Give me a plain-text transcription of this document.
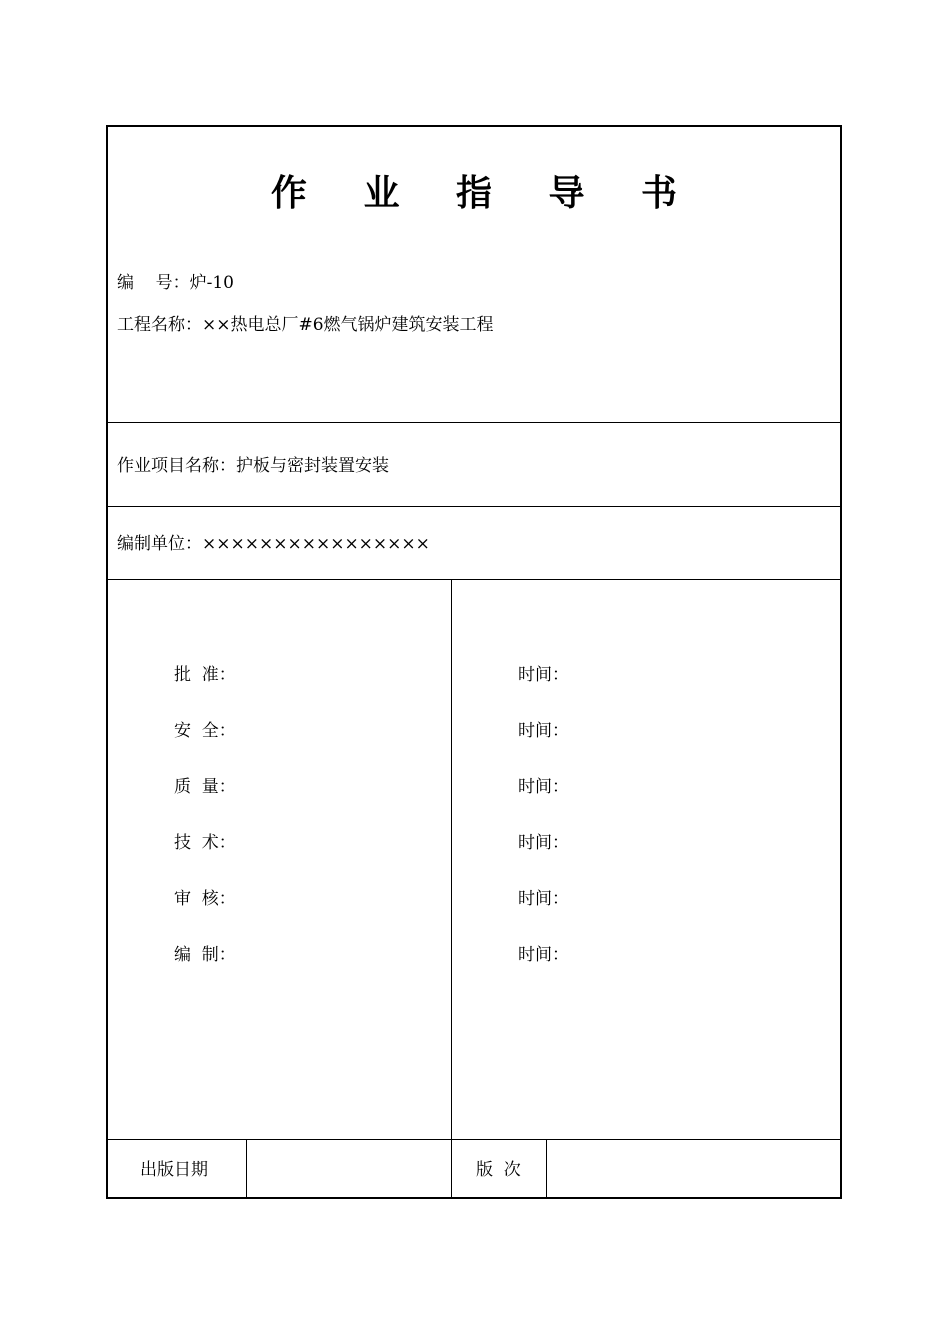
作 业 指 导 书
编    号：炉-10
工程名称：××热电总厂#6燃气锅炉建筑安装工程
作业项目名称：护板与密封装置安装
编制单位：××××××××××××××××
批  准：	时间：
安  全：	时间：
质  量：	时间：
技  术：	时间：
审  核：	时间：
编  制：	时间：
出版日期	版  次
